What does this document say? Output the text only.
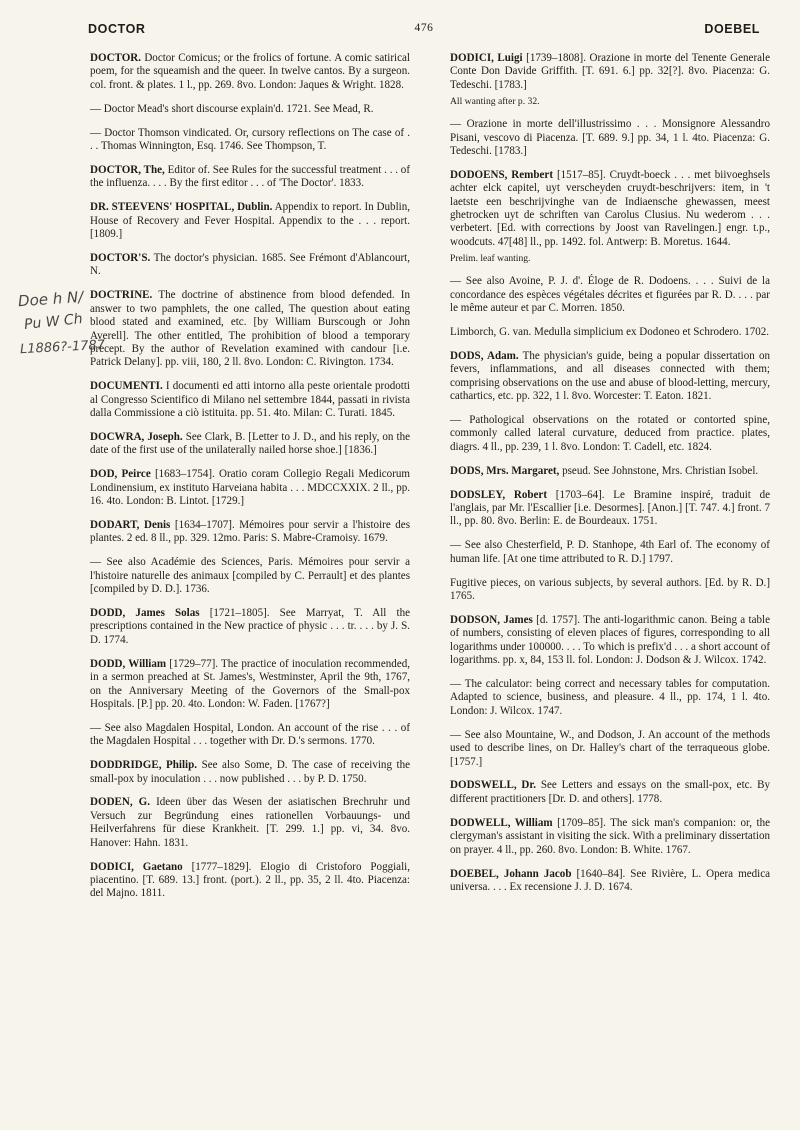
DOCTOR	476	DOEBEL
Doe h N/
Pu W Ch
L1886?-1787

DOCTOR. Doctor Comicus; or the frolics of fortune. A comic satirical poem, for the squeamish and the queer. In twelve cantos. By a surgeon. col. front. & plates. 1 l., pp. 269. 8vo. London: Jaques & Wright. 1828.

— Doctor Mead's short discourse explain'd. 1721. See Mead, R.

— Doctor Thomson vindicated. Or, cursory reflections on The case of . . . Thomas Winnington, Esq. 1746. See Thompson, T.

DOCTOR, The, Editor of. See Rules for the successful treatment . . . of the influenza. . . . By the first editor . . . of 'The Doctor'. 1833.

DR. STEEVENS' HOSPITAL, Dublin. Appendix to report. In Dublin, House of Recovery and Fever Hospital. Appendix to the . . . report. [1809.]

DOCTOR'S. The doctor's physician. 1685. See Frémont d'Ablancourt, N.

DOCTRINE. The doctrine of abstinence from blood defended. In answer to two pamphlets, the one called, The question about eating blood stated and examined, etc. [by William Burscough or John Averell]. The other entitled, The prohibition of blood a temporary precept. By the author of Revelation examined with candour [i.e. Patrick Delany]. pp. viii, 180, 2 ll. 8vo. London: C. Rivington. 1734.

DOCUMENTI. I documenti ed atti intorno alla peste orientale prodotti al Congresso Scientifico di Milano nel settembre 1844, passati in rivista dalla Commissione a ciò istituita. pp. 51. 4to. Milan: C. Turati. 1845.

DOCWRA, Joseph. See Clark, B. [Letter to J. D., and his reply, on the date of the first use of the unilaterally nailed horse shoe.] [1836.]

DOD, Peirce [1683–1754]. Oratio coram Collegio Regali Medicorum Londinensium, ex instituto Harveiana habita . . . MDCCXXIX. 2 ll., pp. 16. 4to. London: B. Lintot. [1729.]

DODART, Denis [1634–1707]. Mémoires pour servir a l'histoire des plantes. 2 ed. 8 ll., pp. 329. 12mo. Paris: S. Mabre-Cramoisy. 1679.

— See also Académie des Sciences, Paris. Mémoires pour servir a l'histoire naturelle des animaux [compiled by C. Perrault] et des plantes [compiled by D. D.]. 1736.

DODD, James Solas [1721–1805]. See Marryat, T. All the prescriptions contained in the New practice of physic . . . tr. . . . by J. S. D. 1774.

DODD, William [1729–77]. The practice of inoculation recommended, in a sermon preached at St. James's, Westminster, April the 9th, 1767, on the Anniversary Meeting of the Governors of the Small-pox Hospitals. [P.] pp. 20. 4to. London: W. Faden. [1767?]

— See also Magdalen Hospital, London. An account of the rise . . . of the Magdalen Hospital . . . together with Dr. D.'s sermons. 1770.

DODDRIDGE, Philip. See also Some, D. The case of receiving the small-pox by inoculation . . . now published . . . by P. D. 1750.

DODEN, G. Ideen über das Wesen der asiatischen Brechruhr und Versuch zur Begründung eines rationellen Vorbauungs- und Heilverfahrens für diese Krankheit. [T. 299. 1.] pp. vi, 34. 8vo. Hanover: Hahn. 1831.

DODICI, Gaetano [1777–1829]. Elogio di Cristoforo Poggiali, piacentino. [T. 689. 13.] front. (port.). 2 ll., pp. 35, 2 ll. 4to. Piacenza: del Majno. 1811.

DODICI, Luigi [1739–1808]. Orazione in morte del Tenente Generale Conte Don Davide Griffith. [T. 691. 6.] pp. 32[?]. 8vo. Piacenza: G. Tedeschi. [1783.]

All wanting after p. 32.

— Orazione in morte dell'illustrissimo . . . Monsignore Alessandro Pisani, vescovo di Piacenza. [T. 689. 9.] pp. 34, 1 l. 4to. Piacenza: G. Tedeschi. [1783.]

DODOENS, Rembert [1517–85]. Cruydt-boeck . . . met biivoeghsels achter elck capitel, uyt verscheyden cruydt-beschrijvers: item, in 't laetste een beschrijvinghe van de Indiaensche ghewassen, meest ghetrocken uyt de schriften van Carolus Clusius. Nu wederom . . . verbetert. [Ed. with corrections by Joost van Ravelingen.] engr. t.p., woodcuts. 47[48] ll., pp. 1492. fol. Antwerp: B. Moretus. 1644.

Prelim. leaf wanting.

— See also Avoine, P. J. d'. Éloge de R. Dodoens. . . . Suivi de la concordance des espèces végétales décrites et figurées par R. D. . . . par le même auteur et par C. Morren. 1850.

Limborch, G. van. Medulla simplicium ex Dodoneo et Schrodero. 1702.

DODS, Adam. The physician's guide, being a popular dissertation on fevers, inflammations, and all diseases connected with them; comprising observations on the use and abuse of blood-letting, mercury, cathartics, etc. pp. 322, 1 l. 8vo. Worcester: T. Eaton. 1821.

— Pathological observations on the rotated or contorted spine, commonly called lateral curvature, deduced from practice. plates, diagrs. 4 ll., pp. 239, 1 l. 8vo. London: T. Cadell, etc. 1824.

DODS, Mrs. Margaret, pseud. See Johnstone, Mrs. Christian Isobel.

DODSLEY, Robert [1703–64]. Le Bramine inspiré, traduit de l'anglais, par Mr. l'Escallier [i.e. Desormes]. [Anon.] [T. 747. 4.] front. 7 ll., pp. 80. 8vo. Berlin: E. de Bourdeaux. 1751.

— See also Chesterfield, P. D. Stanhope, 4th Earl of. The economy of human life. [At one time attributed to R. D.] 1797.

Fugitive pieces, on various subjects, by several authors. [Ed. by R. D.] 1765.

DODSON, James [d. 1757]. The anti-logarithmic canon. Being a table of numbers, consisting of eleven places of figures, corresponding to all logarithms under 100000. . . . To which is prefix'd . . . a short account of logarithms. pp. x, 84, 153 ll. fol. London: J. Dodson & J. Wilcox. 1742.

— The calculator: being correct and necessary tables for computation. Adapted to science, business, and pleasure. 4 ll., pp. 174, 1 l. 4to. London: J. Wilcox. 1747.

— See also Mountaine, W., and Dodson, J. An account of the methods used to describe lines, on Dr. Halley's chart of the terraqueous globe. [1757.]

DODSWELL, Dr. See Letters and essays on the small-pox, etc. By different practitioners [Dr. D. and others]. 1778.

DODWELL, William [1709–85]. The sick man's companion: or, the clergyman's assistant in visiting the sick. With a preliminary dissertation on prayer. 4 ll., pp. 260. 8vo. London: B. White. 1767.

DOEBEL, Johann Jacob [1640–84]. See Rivière, L. Opera medica universa. . . . Ex recensione J. J. D. 1674.
